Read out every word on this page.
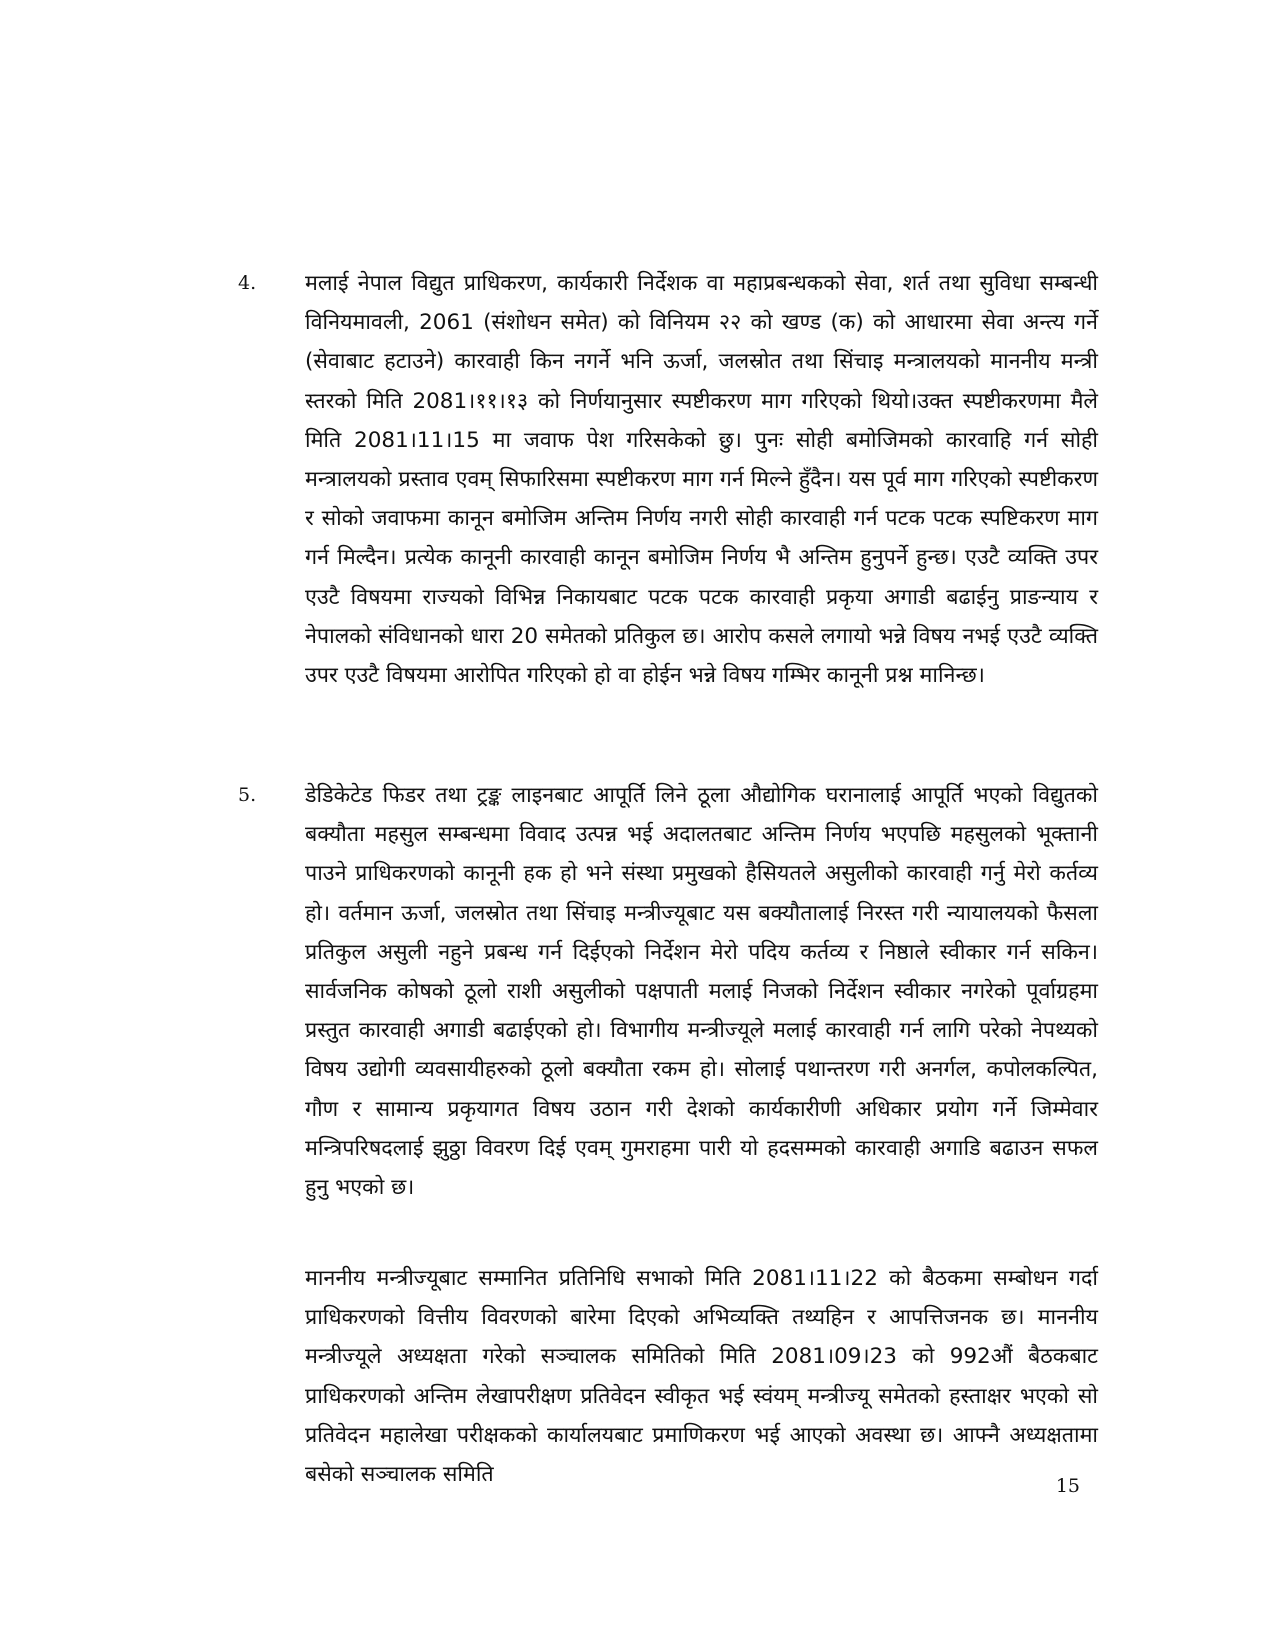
4.	मलाई नेपाल विद्युत प्राधिकरण, कार्यकारी निर्देशक वा महाप्रबन्धकको सेवा, शर्त तथा सुविधा सम्बन्धी विनियमावली, 2061 (संशोधन समेत) को विनियम २२ को खण्ड (क) को आधारमा सेवा अन्त्य गर्ने (सेवाबाट हटाउने) कारवाही किन नगर्ने भनि ऊर्जा, जलस्रोत तथा सिंचाइ मन्त्रालयको माननीय मन्त्री स्तरको मिति 2081।११।१३ को निर्णयानुसार स्पष्टीकरण माग गरिएको थियो।उक्त स्पष्टीकरणमा मैले मिति 2081।11।15 मा जवाफ पेश गरिसकेको छु। पुनः सोही बमोजिमको कारवाहि गर्न सोही मन्त्रालयको प्रस्ताव एवम् सिफारिसमा स्पष्टीकरण माग गर्न मिल्ने हुँदैन। यस पूर्व माग गरिएको स्पष्टीकरण र सोको जवाफमा कानून बमोजिम अन्तिम निर्णय नगरी सोही कारवाही गर्न पटक पटक स्पष्टिकरण माग गर्न मिल्दैन। प्रत्येक कानूनी कारवाही कानून बमोजिम निर्णय भै अन्तिम हुनुपर्ने हुन्छ। एउटै व्यक्ति उपर एउटै विषयमा राज्यको विभिन्न निकायबाट पटक पटक कारवाही प्रकृया अगाडी बढाईनु प्राङन्याय र नेपालको संविधानको धारा 20 समेतको प्रतिकुल छ। आरोप कसले लगायो भन्ने विषय नभई एउटै व्यक्ति उपर एउटै विषयमा आरोपित गरिएको हो वा होईन भन्ने विषय गम्भिर कानूनी प्रश्न मानिन्छ।

5.	डेडिकेटेड फिडर तथा ट्रङ्क लाइनबाट आपूर्ति लिने ठूला औद्योगिक घरानालाई आपूर्ति भएको विद्युतको बक्यौता महसुल सम्बन्धमा विवाद उत्पन्न भई अदालतबाट अन्तिम निर्णय भएपछि महसुलको भूक्तानी पाउने प्राधिकरणको कानूनी हक हो भने संस्था प्रमुखको हैसियतले असुलीको कारवाही गर्नु मेरो कर्तव्य हो। वर्तमान ऊर्जा, जलस्रोत तथा सिंचाइ मन्त्रीज्यूबाट यस बक्यौतालाई निरस्त गरी न्यायालयको फैसला प्रतिकुल असुली नहुने प्रबन्ध गर्न दिईएको निर्देशन मेरो पदिय कर्तव्य र निष्ठाले स्वीकार गर्न सकिन। सार्वजनिक कोषको ठूलो राशी असुलीको पक्षपाती मलाई निजको निर्देशन स्वीकार नगरेको पूर्वाग्रहमा प्रस्तुत कारवाही अगाडी बढाईएको हो। विभागीय मन्त्रीज्यूले मलाई कारवाही गर्न लागि परेको नेपथ्यको विषय उद्योगी व्यवसायीहरुको ठूलो बक्यौता रकम हो। सोलाई पथान्तरण गरी अनर्गल, कपोलकल्पित, गौण र सामान्य प्रकृयागत विषय उठान गरी देशको कार्यकारीणी अधिकार प्रयोग गर्ने जिम्मेवार मन्त्रिपरिषदलाई झुठ्ठा विवरण दिई एवम् गुमराहमा पारी यो हदसम्मको कारवाही अगाडि बढाउन सफल हुनु भएको छ।

माननीय मन्त्रीज्यूबाट सम्मानित प्रतिनिधि सभाको मिति 2081।11।22 को बैठकमा सम्बोधन गर्दा प्राधिकरणको वित्तीय विवरणको बारेमा दिएको अभिव्यक्ति तथ्यहिन र आपत्तिजनक छ। माननीय मन्त्रीज्यूले अध्यक्षता गरेको सञ्चालक समितिको मिति 2081।09।23 को 992औं बैठकबाट प्राधिकरणको अन्तिम लेखापरीक्षण प्रतिवेदन स्वीकृत भई स्वंयम् मन्त्रीज्यू समेतको हस्ताक्षर भएको सो प्रतिवेदन महालेखा परीक्षकको कार्यालयबाट प्रमाणिकरण भई आएको अवस्था छ। आफ्नै अध्यक्षतामा बसेको सञ्चालक समिति	15
